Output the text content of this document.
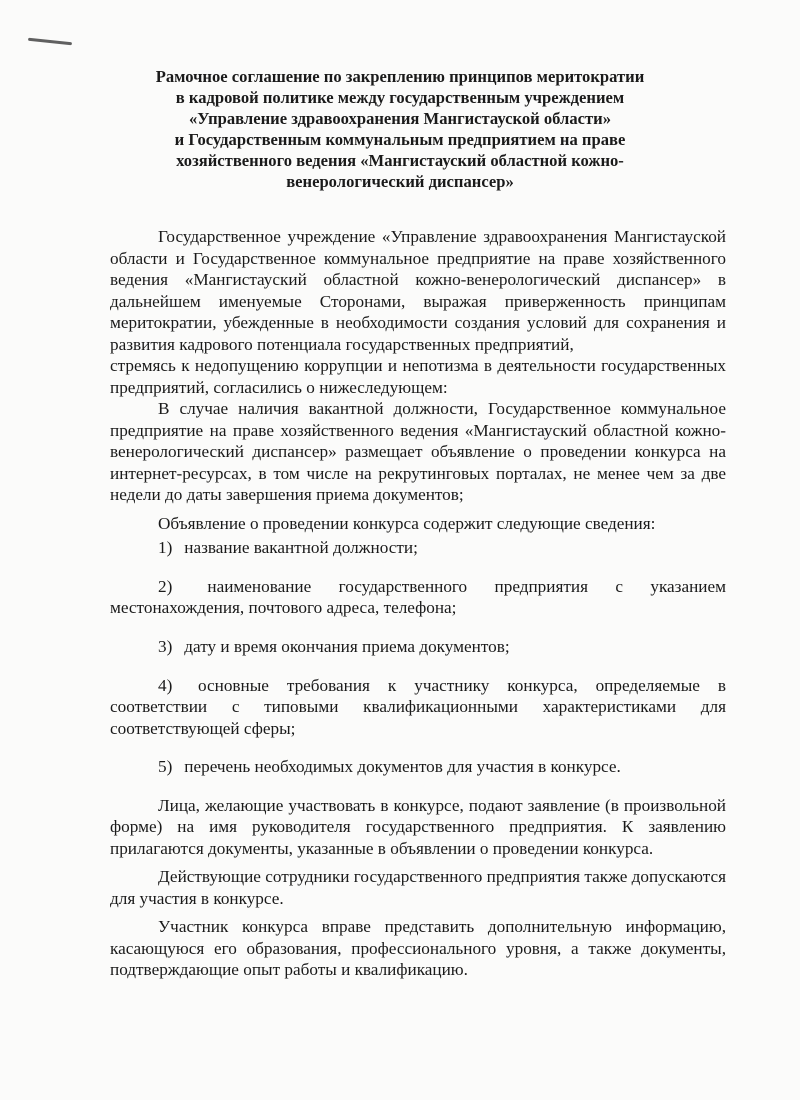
Рамочное соглашение по закреплению принципов меритократии
в кадровой политике между государственным учреждением
«Управление здравоохранения Мангистауской области»
и Государственным коммунальным предприятием на праве
хозяйственного ведения «Мангистауский областной кожно-
венерологический диспансер»

Государственное учреждение «Управление здравоохранения Мангистауской области и Государственное коммунальное предприятие на праве хозяйственного ведения «Мангистауский областной кожно-венерологический диспансер» в дальнейшем именуемые Сторонами, выражая приверженность принципам меритократии, убежденные в необходимости создания условий для сохранения и развития кадрового потенциала государственных предприятий,

стремясь к недопущению коррупции и непотизма в деятельности государственных предприятий, согласились о нижеследующем:

В случае наличия вакантной должности, Государственное коммунальное предприятие на праве хозяйственного ведения «Мангистауский областной кожно-венерологический диспансер» размещает объявление о проведении конкурса на интернет-ресурсах, в том числе на рекрутинговых порталах, не менее чем за две недели до даты завершения приема документов;

Объявление о проведении конкурса содержит следующие сведения:

1) название вакантной должности;

2) наименование государственного предприятия с указанием местонахождения, почтового адреса, телефона;

3) дату и время окончания приема документов;

4) основные требования к участнику конкурса, определяемые в соответствии с типовыми квалификационными характеристиками для соответствующей сферы;

5) перечень необходимых документов для участия в конкурсе.

Лица, желающие участвовать в конкурсе, подают заявление (в произвольной форме) на имя руководителя государственного предприятия. К заявлению прилагаются документы, указанные в объявлении о проведении конкурса.

Действующие сотрудники государственного предприятия также допускаются для участия в конкурсе.

Участник конкурса вправе представить дополнительную информацию, касающуюся его образования, профессионального уровня, а также документы, подтверждающие опыт работы и квалификацию.
